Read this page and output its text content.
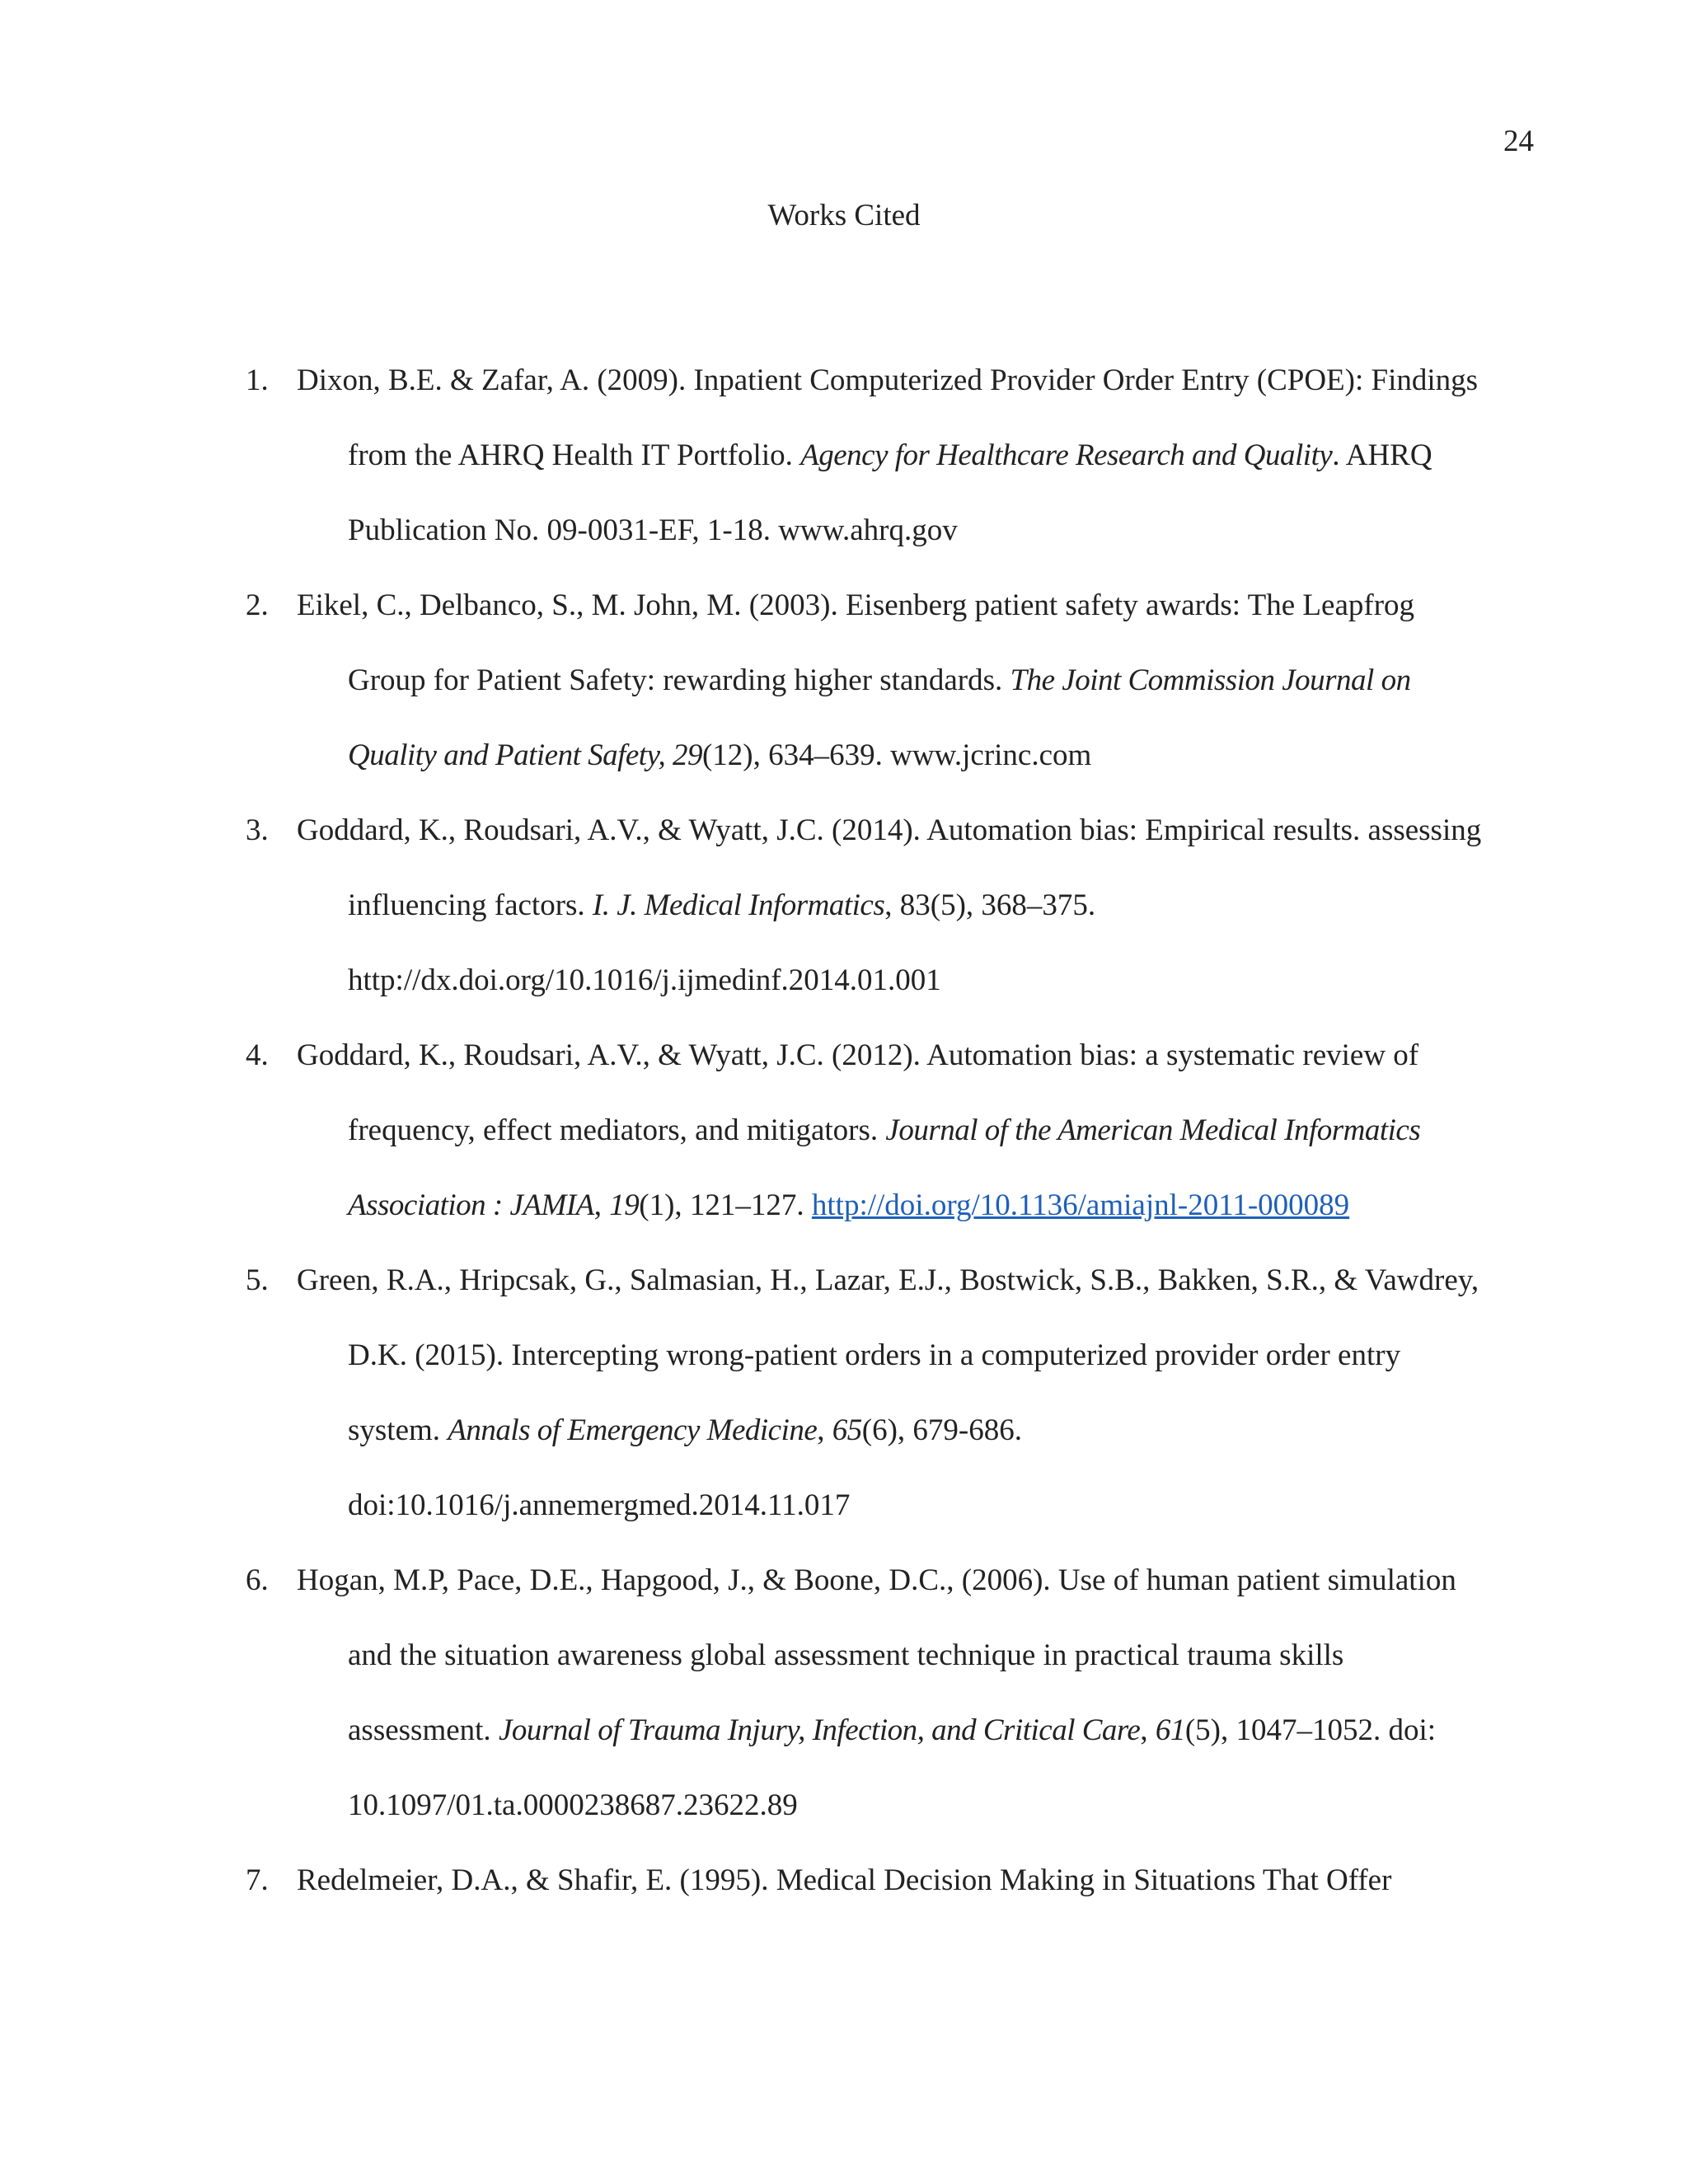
24
Works Cited
1. Dixon, B.E. & Zafar, A. (2009). Inpatient Computerized Provider Order Entry (CPOE): Findings from the AHRQ Health IT Portfolio. Agency for Healthcare Research and Quality. AHRQ Publication No. 09-0031-EF, 1-18. www.ahrq.gov
2. Eikel, C., Delbanco, S., M. John, M. (2003). Eisenberg patient safety awards: The Leapfrog Group for Patient Safety: rewarding higher standards. The Joint Commission Journal on Quality and Patient Safety, 29(12), 634–639. www.jcrinc.com
3. Goddard, K., Roudsari, A.V., & Wyatt, J.C. (2014). Automation bias: Empirical results. assessing influencing factors. I. J. Medical Informatics, 83(5), 368–375. http://dx.doi.org/10.1016/j.ijmedinf.2014.01.001
4. Goddard, K., Roudsari, A.V., & Wyatt, J.C. (2012). Automation bias: a systematic review of frequency, effect mediators, and mitigators. Journal of the American Medical Informatics Association : JAMIA, 19(1), 121–127. http://doi.org/10.1136/amiajnl-2011-000089
5. Green, R.A., Hripcsak, G., Salmasian, H., Lazar, E.J., Bostwick, S.B., Bakken, S.R., & Vawdrey, D.K. (2015). Intercepting wrong-patient orders in a computerized provider order entry system. Annals of Emergency Medicine, 65(6), 679-686. doi:10.1016/j.annemergmed.2014.11.017
6. Hogan, M.P, Pace, D.E., Hapgood, J., & Boone, D.C., (2006). Use of human patient simulation and the situation awareness global assessment technique in practical trauma skills assessment. Journal of Trauma Injury, Infection, and Critical Care, 61(5), 1047–1052. doi: 10.1097/01.ta.0000238687.23622.89
7. Redelmeier, D.A., & Shafir, E. (1995). Medical Decision Making in Situations That Offer
